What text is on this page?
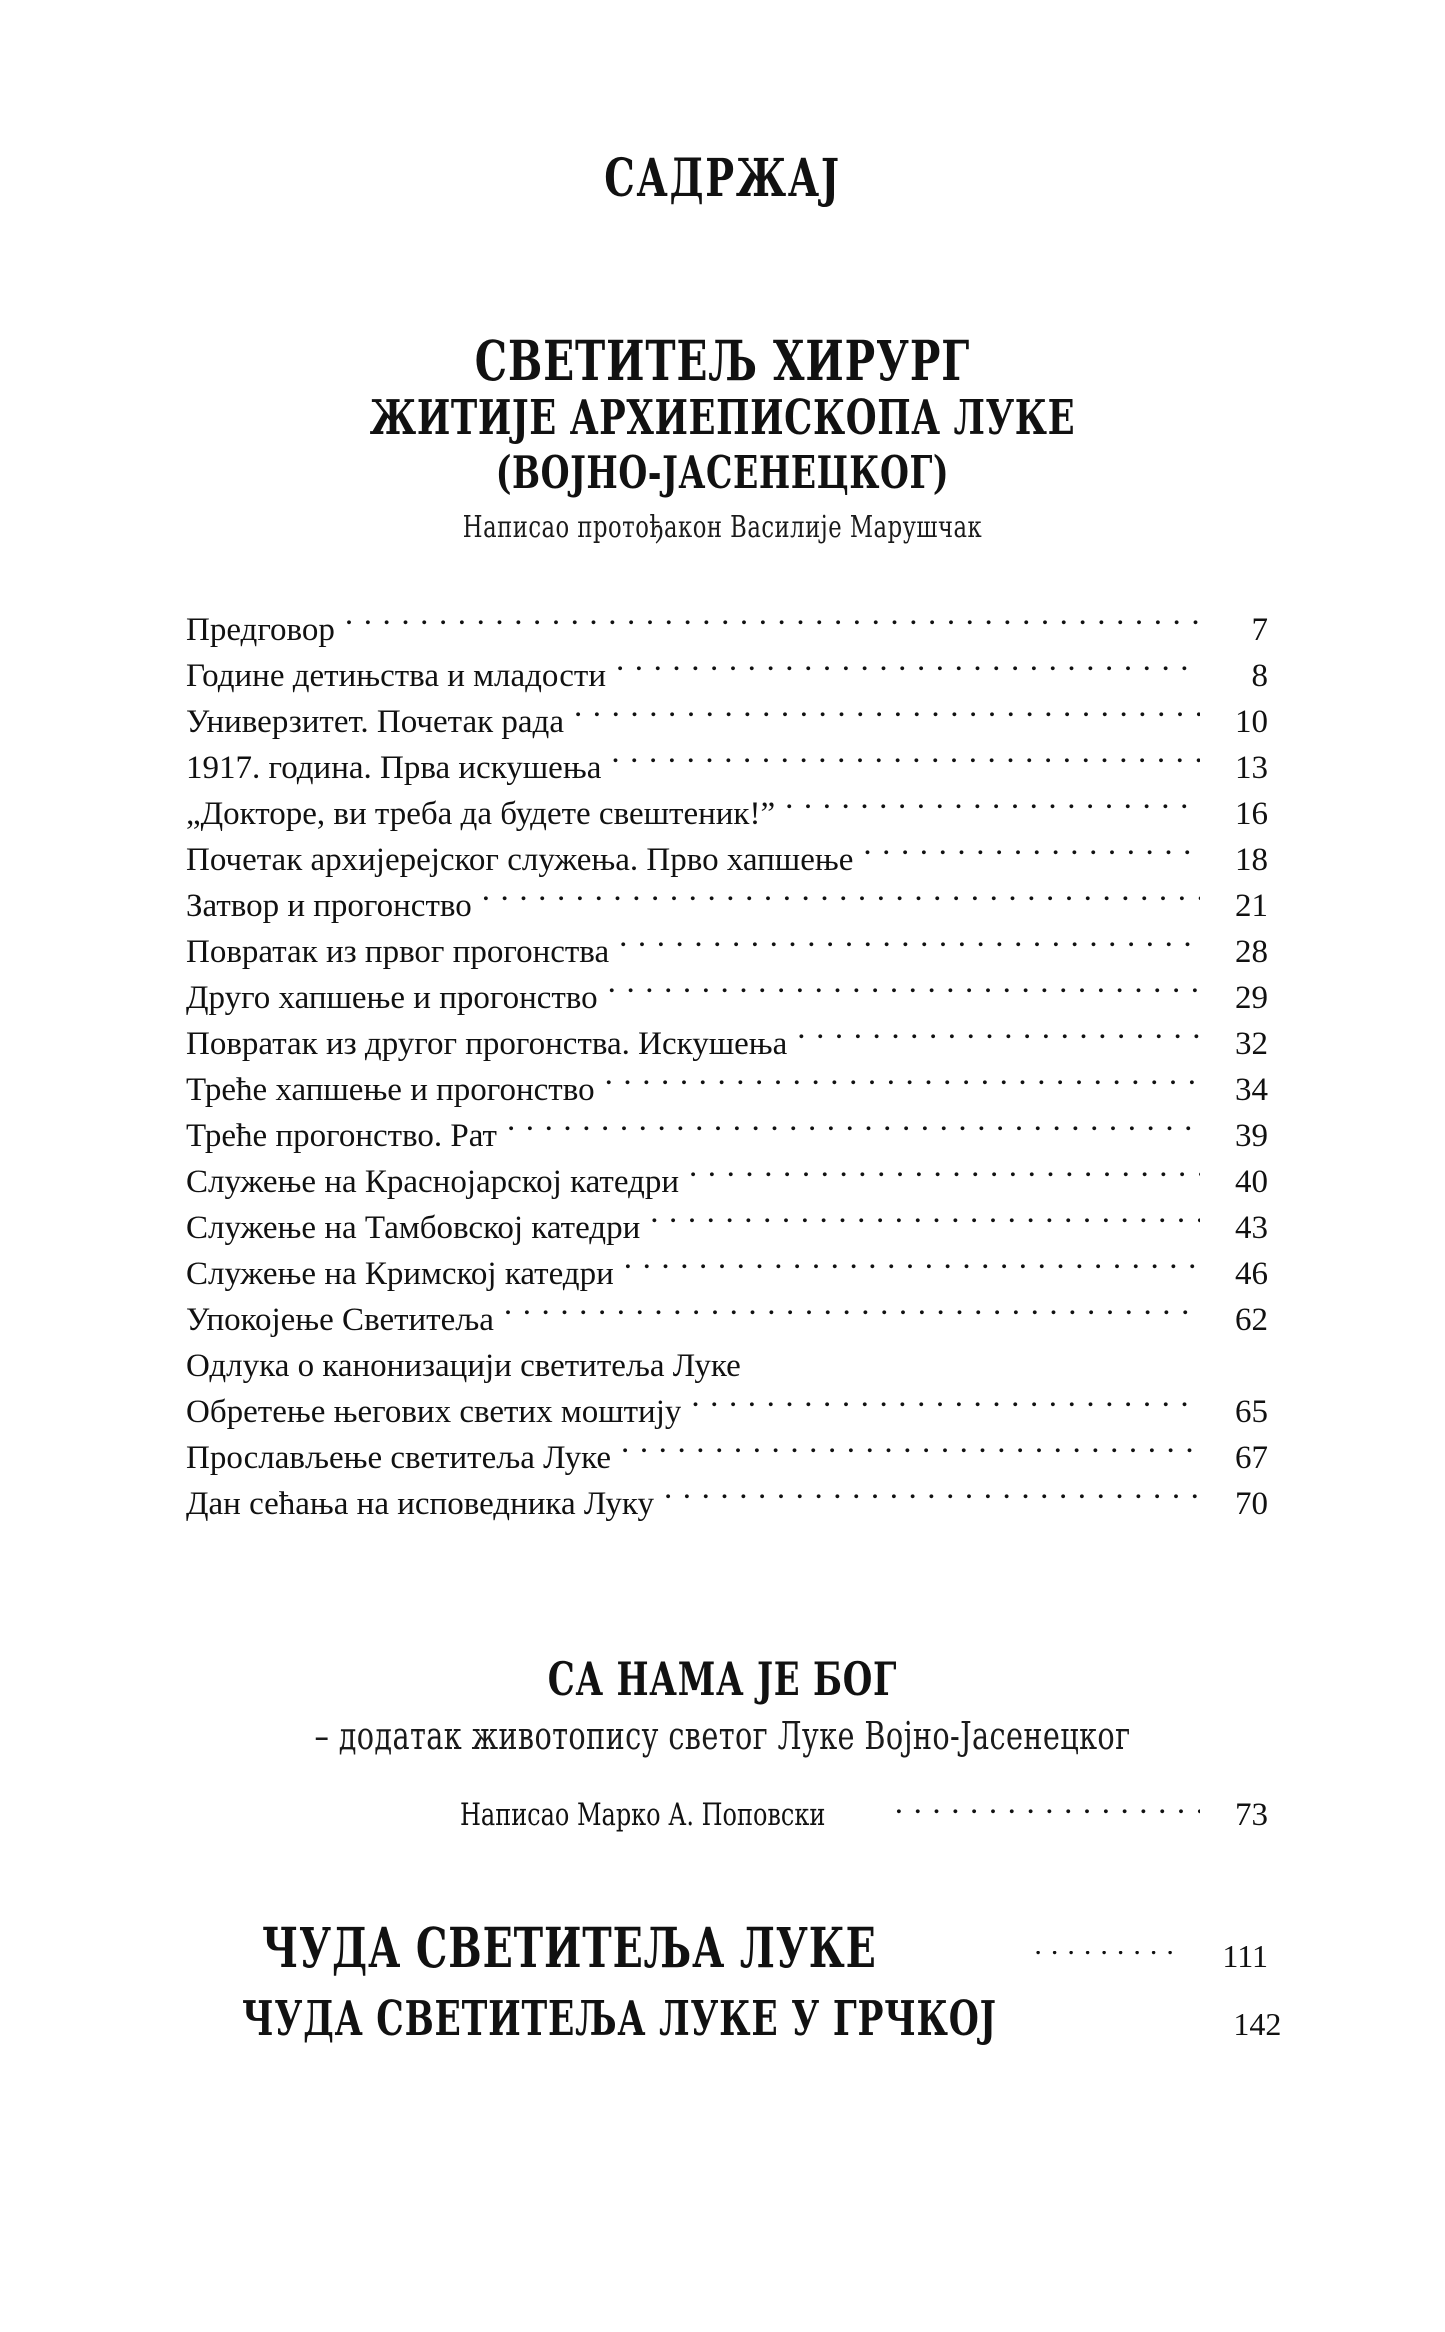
САДРЖАЈ
СВЕТИТЕЉ ХИРУРГ
ЖИТИЈЕ АРХИЕПИСКОПА ЛУКЕ
(ВОЈНО-ЈАСЕНЕЦКОГ)
Написао протођакон Василије Марушчак
Предговор .....	7
Године детињства и младости .....	8
Универзитет. Почетак рада .....	10
1917. година. Прва искушења .....	13
„Докторе, ви треба да будете свештеник!” .....	16
Почетак архијерејског служења. Прво хапшење .....	18
Затвор и прогонство .....	21
Повратак из првог прогонства .....	28
Друго хапшење и прогонство .....	29
Повратак из другог прогонства. Искушења .....	32
Треће хапшење и прогонство .....	34
Треће прогонство. Рат .....	39
Служење на Краснојарској катедри .....	40
Служење на Тамбовској катедри .....	43
Служење на Кримској катедри .....	46
Упокојење Светитеља .....	62
Одлука о канонизацији светитеља Луке
Обретење његових светих моштију .....	65
Прослављење светитеља Луке .....	67
Дан сећања на исповедника Луку .....	70
СА НАМА ЈЕ БОГ
– додатак животопису светог Луке Војно-Јасенецког
Написао Марко А. Поповски .....	73
ЧУДА СВЕТИТЕЉА ЛУКЕ .....	111
ЧУДА СВЕТИТЕЉА ЛУКЕ У ГРЧКОЈ	142
